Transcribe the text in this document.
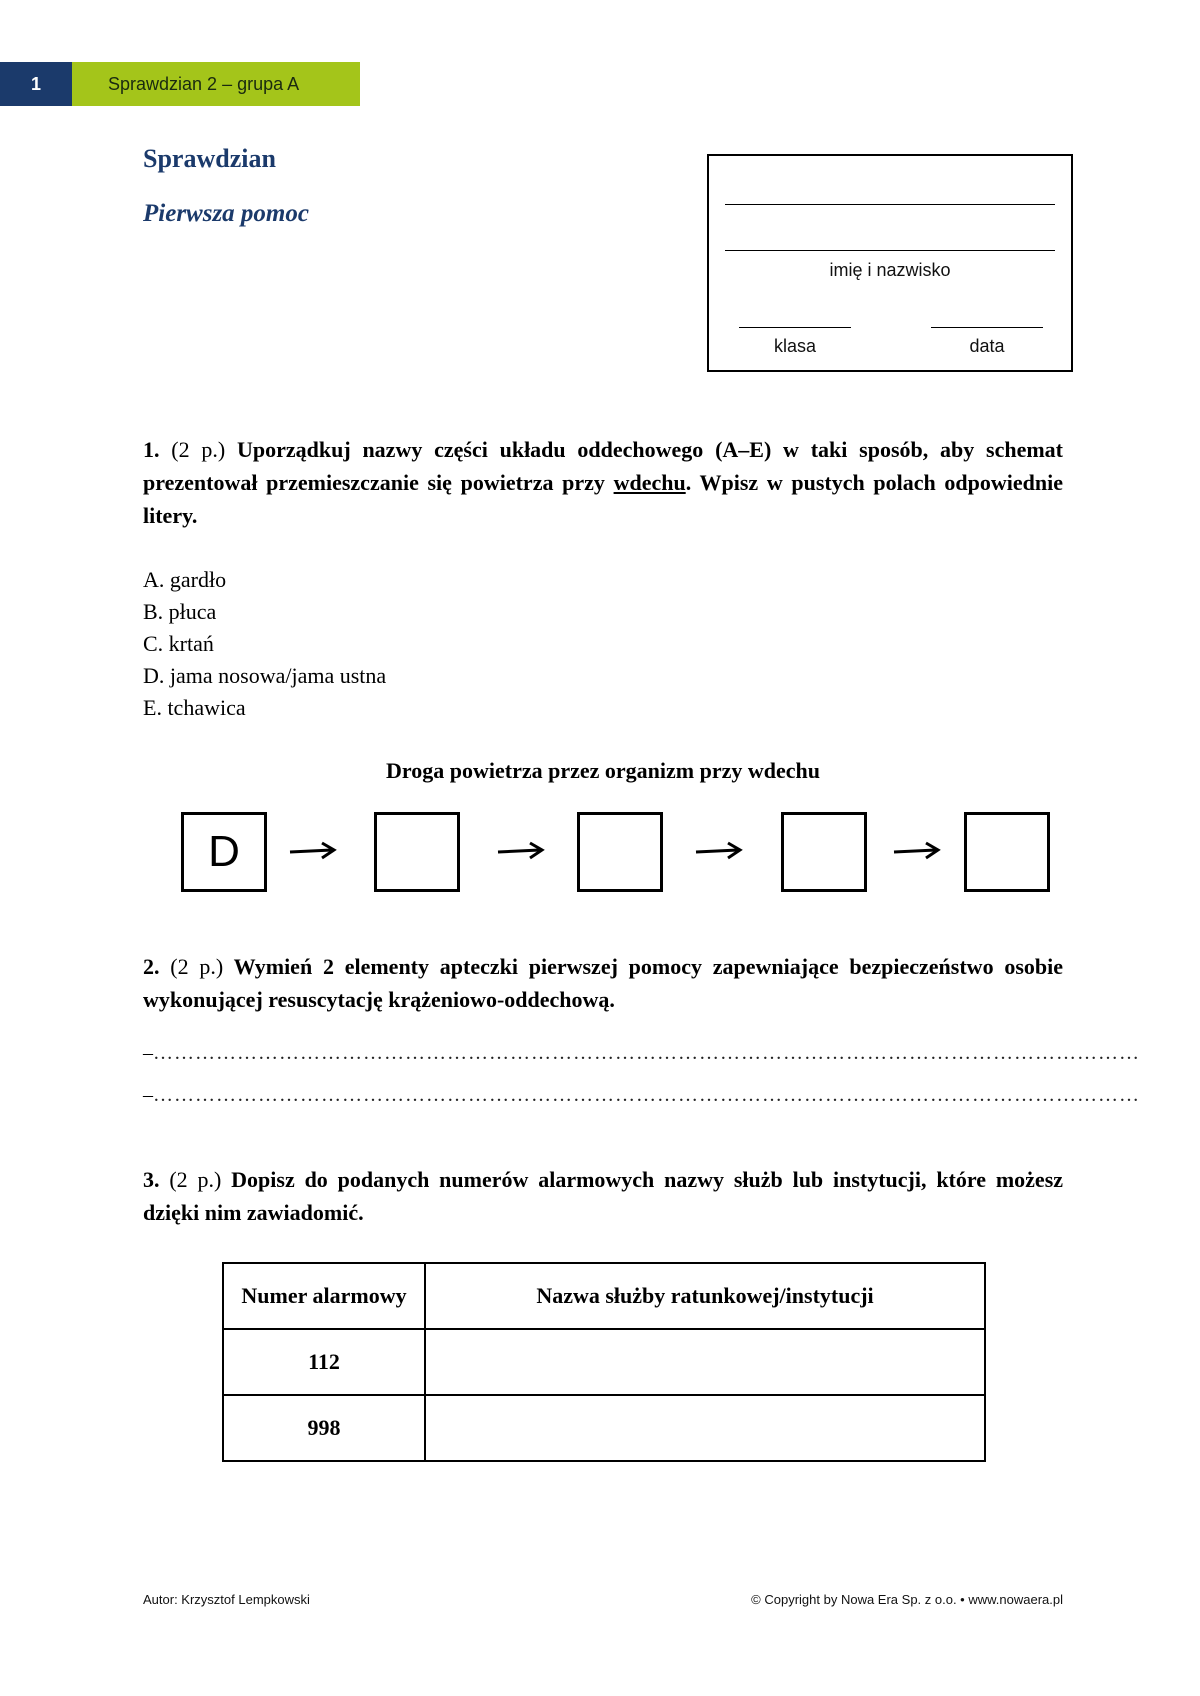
1	Sprawdzian 2 – grupa A
Sprawdzian
Pierwsza pomoc
imię i nazwisko
klasa	data

1. (2 p.) Uporządkuj nazwy części układu oddechowego (A–E) w taki sposób, aby schemat prezentował przemieszczanie się powietrza przy wdechu. Wpisz w pustych polach odpowiednie litery.

A. gardło
B. płuca
C. krtań
D. jama nosowa/jama ustna
E. tchawica
Droga powietrza przez organizm przy wdechu
D

2. (2 p.) Wymień 2 elementy apteczki pierwszej pomocy zapewniające bezpieczeństwo osobie wykonującej resuscytację krążeniowo-oddechową.

– ……………………………………………………………………………………………………………………………
– ……………………………………………………………………………………………………………………………

3. (2 p.) Dopisz do podanych numerów alarmowych nazwy służb lub instytucji, które możesz dzięki nim zawiadomić.

Numer alarmowy	Nazwa służby ratunkowej/instytucji
112	
998	
Autor: Krzysztof Lempkowski	© Copyright by Nowa Era Sp. z o.o. • www.nowaera.pl
